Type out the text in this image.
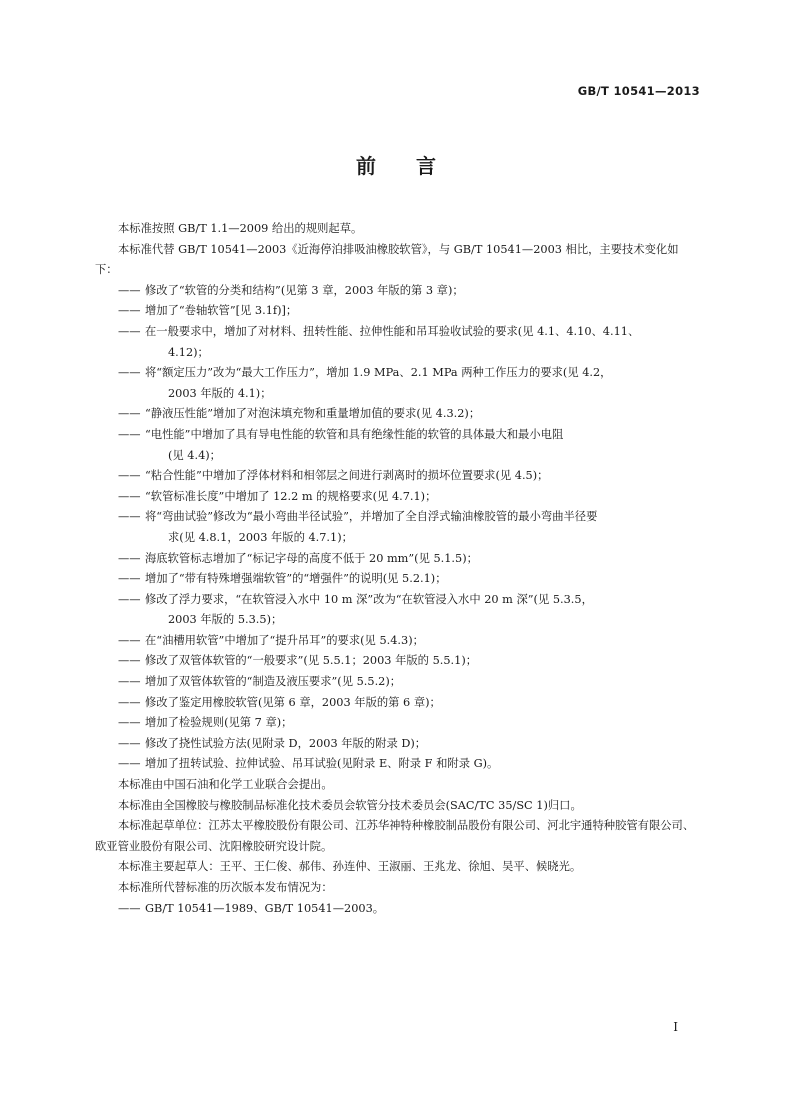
GB/T 10541—2013
前言

本标准按照 GB/T 1.1—2009 给出的规则起草。

本标准代替 GB/T 10541—2003《近海停泊排吸油橡胶软管》，与 GB/T 10541—2003 相比，主要技术变化如下：

—— 修改了“软管的分类和结构”(见第 3 章，2003 年版的第 3 章)；
—— 增加了“卷轴软管”[见 3.1f)]；
—— 在一般要求中，增加了对材料、扭转性能、拉伸性能和吊耳验收试验的要求(见 4.1、4.10、4.11、
4.12)；
—— 将“额定压力”改为“最大工作压力”，增加 1.9 MPa、2.1 MPa 两种工作压力的要求(见 4.2，
2003 年版的 4.1)；
—— “静液压性能”增加了对泡沫填充物和重量增加值的要求(见 4.3.2)；
—— “电性能”中增加了具有导电性能的软管和具有绝缘性能的软管的具体最大和最小电阻
(见 4.4)；
—— “粘合性能”中增加了浮体材料和相邻层之间进行剥离时的损坏位置要求(见 4.5)；
—— “软管标准长度”中增加了 12.2 m 的规格要求(见 4.7.1)；
—— 将“弯曲试验”修改为“最小弯曲半径试验”，并增加了全自浮式输油橡胶管的最小弯曲半径要
求(见 4.8.1，2003 年版的 4.7.1)；
—— 海底软管标志增加了“标记字母的高度不低于 20 mm”(见 5.1.5)；
—— 增加了“带有特殊增强端软管”的“增强件”的说明(见 5.2.1)；
—— 修改了浮力要求，“在软管浸入水中 10 m 深”改为“在软管浸入水中 20 m 深”(见 5.3.5，
2003 年版的 5.3.5)；
—— 在“油槽用软管”中增加了“提升吊耳”的要求(见 5.4.3)；
—— 修改了双管体软管的“一般要求”(见 5.5.1；2003 年版的 5.5.1)；
—— 增加了双管体软管的“制造及液压要求”(见 5.5.2)；
—— 修改了鉴定用橡胶软管(见第 6 章，2003 年版的第 6 章)；
—— 增加了检验规则(见第 7 章)；
—— 修改了挠性试验方法(见附录 D，2003 年版的附录 D)；
—— 增加了扭转试验、拉伸试验、吊耳试验(见附录 E、附录 F 和附录 G)。

本标准由中国石油和化学工业联合会提出。

本标准由全国橡胶与橡胶制品标准化技术委员会软管分技术委员会(SAC/TC 35/SC 1)归口。

本标准起草单位：江苏太平橡胶股份有限公司、江苏华神特种橡胶制品股份有限公司、河北宇通特种胶管有限公司、欧亚管业股份有限公司、沈阳橡胶研究设计院。

本标准主要起草人：王平、王仁俊、郝伟、孙连仲、王淑丽、王兆龙、徐旭、吴平、候晓光。

本标准所代替标准的历次版本发布情况为：

—— GB/T 10541—1989、GB/T 10541—2003。
I
